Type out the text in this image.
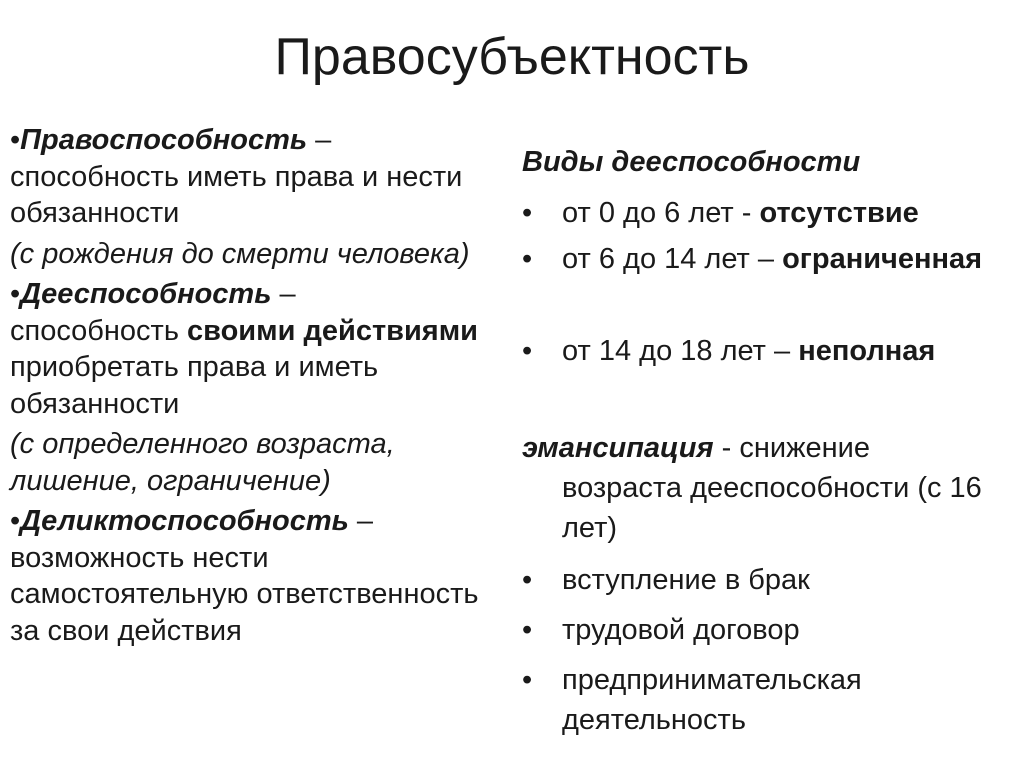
Правосубъектность

•Правоспособность –
способность иметь права и нести обязанности

(с рождения до смерти человека)

•Дееспособность –
способность своими действиями приобретать права и иметь обязанности

(с определенного возраста, лишение, ограничение)

•Деликтоспособность –
возможность нести самостоятельную ответственность за свои действия

Виды дееспособности
• от 0 до 6 лет - отсутствие
• от 6 до 14 лет – ограниченная
• от 14 до 18 лет – неполная
эмансипация - снижение
возраста дееспособности (с 16 лет)
• вступление в брак
• трудовой договор
• предпринимательская деятельность
